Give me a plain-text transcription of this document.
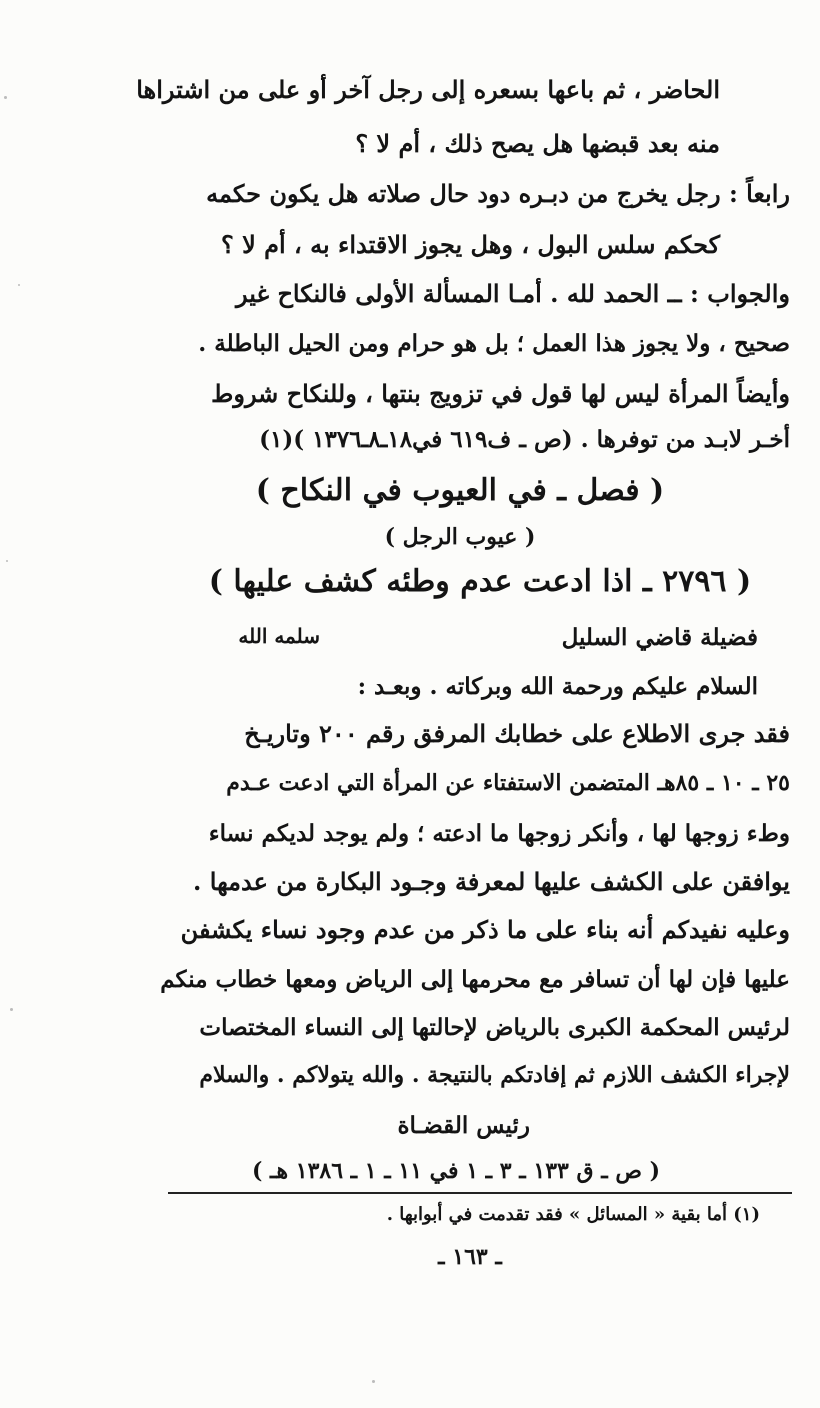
الحاضر ، ثم باعها بسعره إلى رجل آخر أو على من اشتراها
منه بعد قبضها هل يصح ذلك ، أم لا ؟
رابعاً : رجل يخرج من دبـره دود حال صلاته هل يكون حكمه
كحكم سلس البول ، وهل يجوز الاقتداء به ، أم لا ؟
والجواب : ــ الحمد لله . أمـا المسألة الأولى فالنكاح غير
صحيح ، ولا يجوز هذا العمل ؛ بل هو حرام ومن الحيل الباطلة .
وأيضاً المرأة ليس لها قول في تزويج بنتها ، وللنكاح شروط
أخـر لابـد من توفرها . (ص ـ ف٦١٩ في١٨ـ٨ـ١٣٧٦ )(١)
( فصل ـ في العيوب في النكاح )
( عيوب الرجل )
( ٢٧٩٦ ـ اذا ادعت عدم وطئه كشف عليها )
فضيلة قاضي السليل
سلمه الله
السلام عليكم ورحمة الله وبركاته . وبعـد :
فقد جرى الاطلاع على خطابك المرفق رقم ٢٠٠ وتاريـخ
٢٥ ـ ١٠ ـ ٨٥هـ المتضمن الاستفتاء عن المرأة التي ادعت عـدم
وطء زوجها لها ، وأنكر زوجها ما ادعته ؛ ولم يوجد لديكم نساء
يوافقن على الكشف عليها لمعرفة وجـود البكارة من عدمها .
وعليه نفيدكم أنه بناء على ما ذكر من عدم وجود نساء يكشفن
عليها فإن لها أن تسافر مع محرمها إلى الرياض ومعها خطاب منكم
لرئيس المحكمة الكبرى بالرياض لإحالتها إلى النساء المختصات
لإجراء الكشف اللازم ثم إفادتكم بالنتيجة . والله يتولاكم . والسلام
رئيس القضـاة
( ص ـ ق ١٣٣ ـ ٣ ـ ١ في ١١ ـ ١ ـ ١٣٨٦ هـ )
(١) أما بقية « المسائل » فقد تقدمت في أبوابها .
ـ ١٦٣ ـ
